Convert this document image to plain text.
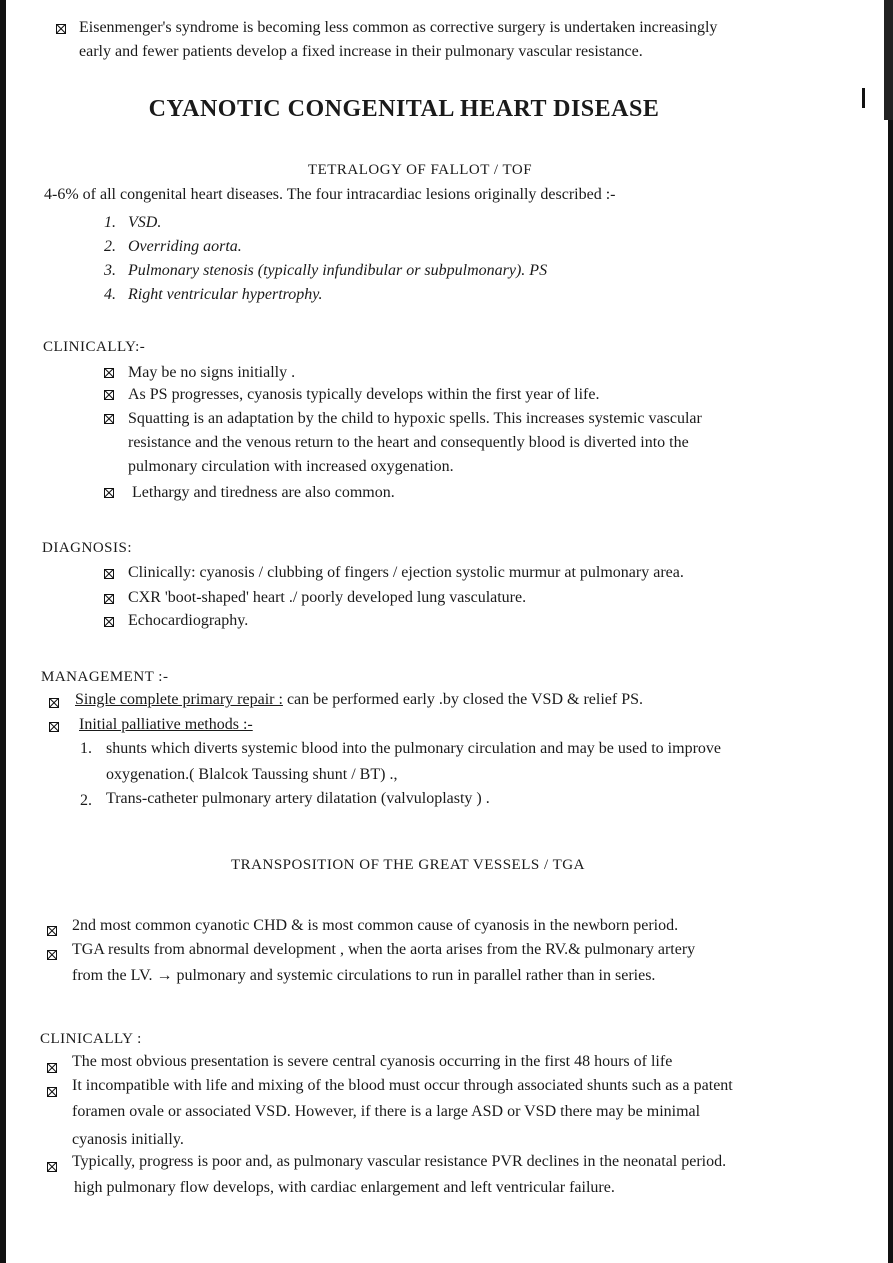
Eisenmenger's syndrome is becoming less common as corrective surgery is undertaken increasingly
early and fewer patients develop a fixed increase in their pulmonary vascular resistance.
CYANOTIC CONGENITAL HEART DISEASE
TETRALOGY OF FALLOT / TOF
4-6% of all congenital heart diseases. The four intracardiac lesions originally described :-
1. VSD.
2. Overriding aorta.
3. Pulmonary stenosis (typically infundibular or subpulmonary). PS
4. Right ventricular hypertrophy.
CLINICALLY:-
May be no signs initially .
As PS progresses, cyanosis typically develops within the first year of life.
Squatting is an adaptation by the child to hypoxic spells. This increases systemic vascular
resistance and the venous return to the heart and consequently blood is diverted into the
pulmonary circulation with increased oxygenation.
Lethargy and tiredness are also common.
DIAGNOSIS:
Clinically: cyanosis / clubbing of fingers / ejection systolic murmur at pulmonary area.
CXR 'boot-shaped' heart ./ poorly developed lung vasculature.
Echocardiography.
MANAGEMENT :-
Single complete primary repair : can be performed early .by closed the VSD & relief PS.
Initial palliative methods :-
1. shunts which diverts systemic blood into the pulmonary circulation and may be used to improve
oxygenation.( Blalcok Taussing shunt / BT) .,
2. Trans-catheter pulmonary artery dilatation (valvuloplasty ) .
TRANSPOSITION OF THE GREAT VESSELS / TGA
2nd most common cyanotic CHD & is most common cause of cyanosis in the newborn period.
TGA results from abnormal development , when the aorta arises from the RV.& pulmonary artery
from the LV. → pulmonary and systemic circulations to run in parallel rather than in series.
CLINICALLY :
The most obvious presentation is severe central cyanosis occurring in the first 48 hours of life
It incompatible with life and mixing of the blood must occur through associated shunts such as a patent
foramen ovale or associated VSD. However, if there is a large ASD or VSD there may be minimal
cyanosis initially.
Typically, progress is poor and, as pulmonary vascular resistance PVR declines in the neonatal period.
high pulmonary flow develops, with cardiac enlargement and left ventricular failure.
